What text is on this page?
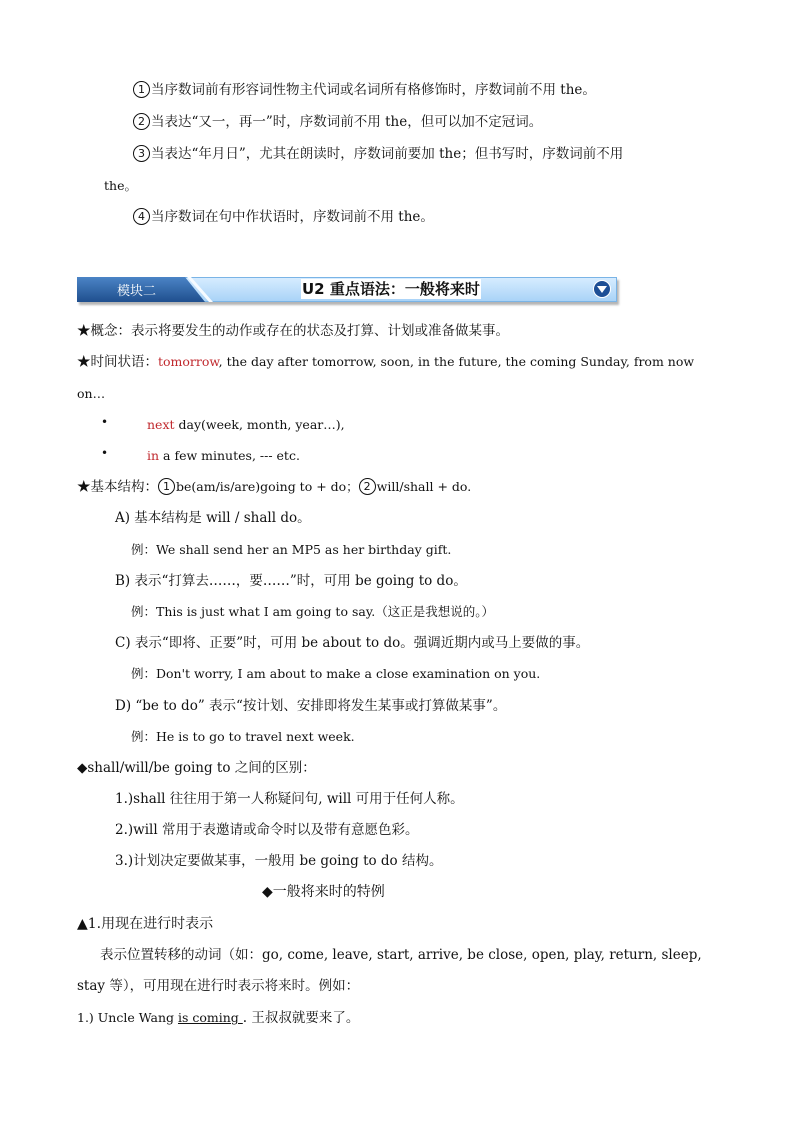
1 当序数词前有形容词性物主代词或名词所有格修饰时，序数词前不用 the。
2 当表达“又一，再一”时，序数词前不用 the，但可以加不定冠词。
3 当表达“年月日”，尤其在朗读时，序数词前要加 the；但书写时，序数词前不用
the。
4 当序数词在句中作状语时，序数词前不用 the。
模块二	U2 重点语法：一般将来时
★概念：表示将要发生的动作或存在的状态及打算、计划或准备做某事。
★时间状语：tomorrow, the day after tomorrow, soon, in the future, the coming Sunday, from now
on…
•	next day(week, month, year…),
•	in a few minutes, --- etc.
★基本结构： 1 be(am/is/are)going to + do； 2 will/shall + do.
A) 基本结构是 will / shall do。
例：We shall send her an MP5 as her birthday gift.
B) 表示“打算去……，要……”时，可用 be going to do。
例：This is just what I am going to say.（这正是我想说的。）
C) 表示“即将、正要”时，可用 be about to do。强调近期内或马上要做的事。
例：Don't worry, I am about to make a close examination on you.
D) “be to do” 表示“按计划、安排即将发生某事或打算做某事”。
例：He is to go to travel next week.
◆shall/will/be going to 之间的区别：
1.)shall 往往用于第一人称疑问句, will 可用于任何人称。
2.)will 常用于表邀请或命令时以及带有意愿色彩。
3.)计划决定要做某事，一般用 be going to do 结构。
◆一般将来时的特例
▲1.用现在进行时表示
表示位置转移的动词（如：go, come, leave, start, arrive, be close, open, play, return, sleep,
stay 等），可用现在进行时表示将来时。例如：
1.) Uncle Wang is coming . 王叔叔就要来了。
